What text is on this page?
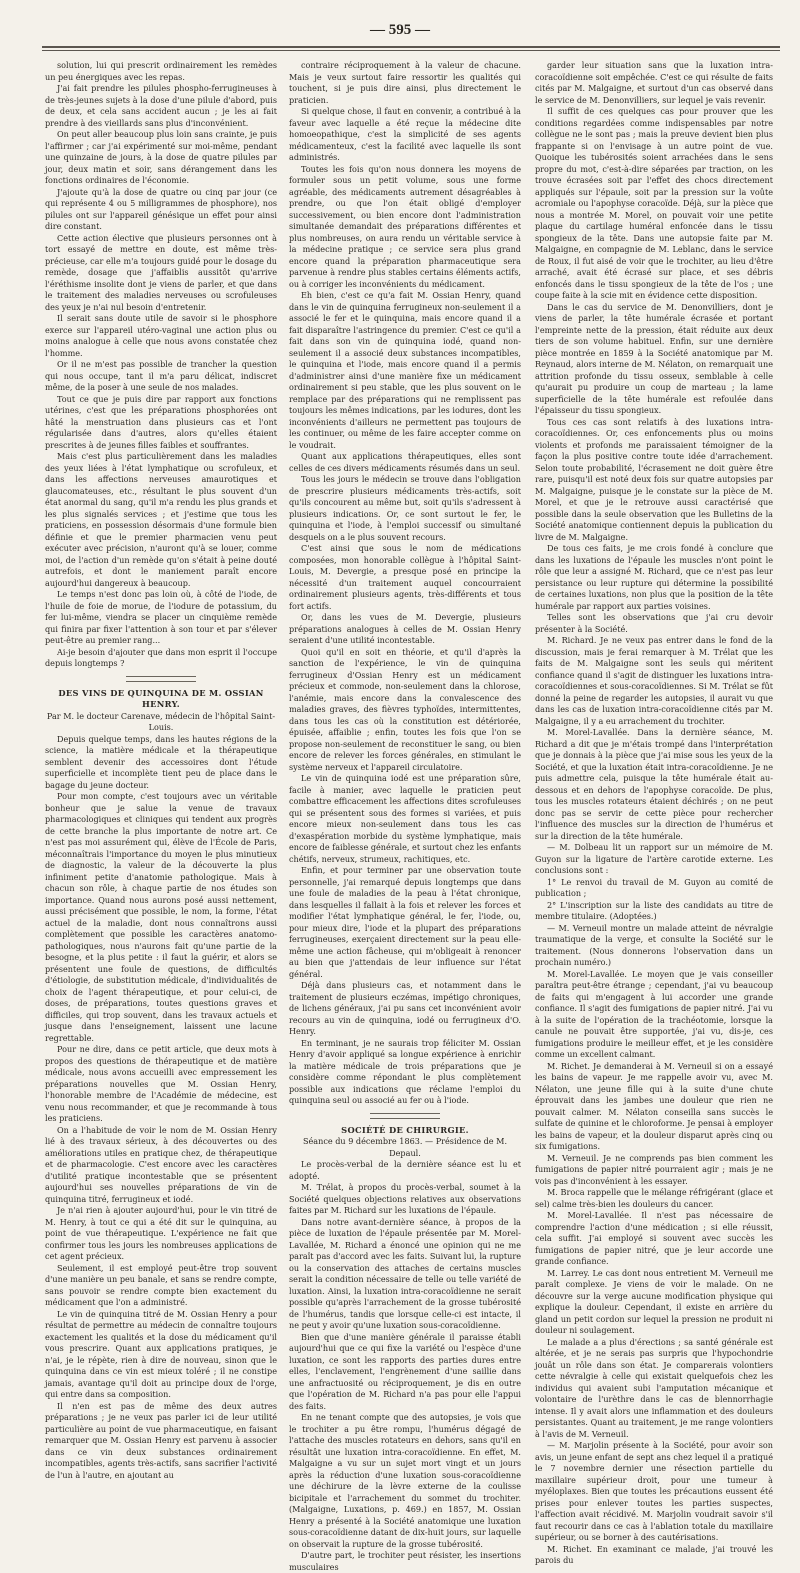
— 595 —

solution, lui qui prescrit ordinairement les remèdes un peu énergiques avec les repas.

J'ai fait prendre les pilules phospho-ferrugineuses à de très-jeunes sujets à la dose d'une pilule d'abord, puis de deux, et cela sans accident aucun ; je les ai fait prendre à des vieillards sans plus d'inconvénient.

On peut aller beaucoup plus loin sans crainte, je puis l'affirmer ; car j'ai expérimenté sur moi-même, pendant une quinzaine de jours, à la dose de quatre pilules par jour, deux matin et soir, sans dérangement dans les fonctions ordinaires de l'économie.

J'ajoute qu'à la dose de quatre ou cinq par jour (ce qui représente 4 ou 5 milligrammes de phosphore), nos pilules ont sur l'appareil génésique un effet pour ainsi dire constant.

Cette action élective que plusieurs personnes ont à tort essayé de mettre en doute, est même très-précieuse, car elle m'a toujours guidé pour le dosage du remède, dosage que j'affaiblis aussitôt qu'arrive l'éréthisme insolite dont je viens de parler, et que dans le traitement des maladies nerveuses ou scrofuleuses des yeux je n'ai nul besoin d'entretenir.

Il serait sans doute utile de savoir si le phosphore exerce sur l'appareil utéro-vaginal une action plus ou moins analogue à celle que nous avons constatée chez l'homme.

Or il ne m'est pas possible de trancher la question qui nous occupe, tant il m'a paru délicat, indiscret même, de la poser à une seule de nos malades.

Tout ce que je puis dire par rapport aux fonctions utérines, c'est que les préparations phosphorées ont hâté la menstruation dans plusieurs cas et l'ont régularisée dans d'autres, alors qu'elles étaient prescrites à de jeunes filles faibles et souffrantes.

Mais c'est plus particulièrement dans les maladies des yeux liées à l'état lymphatique ou scrofuleux, et dans les affections nerveuses amaurotiques et glaucomateuses, etc., résultant le plus souvent d'un état anormal du sang, qu'il m'a rendu les plus grands et les plus signalés services ; et j'estime que tous les praticiens, en possession désormais d'une formule bien définie et que le premier pharmacien venu peut exécuter avec précision, n'auront qu'à se louer, comme moi, de l'action d'un remède qu'on s'était à peine douté autrefois, et dont le maniement paraît encore aujourd'hui dangereux à beaucoup.

Le temps n'est donc pas loin où, à côté de l'iode, de l'huile de foie de morue, de l'iodure de potassium, du fer lui-même, viendra se placer un cinquième remède qui finira par fixer l'attention à son tour et par s'élever peut-être au premier rang...

Ai-je besoin d'ajouter que dans mon esprit il l'occupe depuis longtemps ?

DES VINS DE QUINQUINA DE M. OSSIAN HENRY.

Par M. le docteur Carenave, médecin de l'hôpital Saint-Louis.

Depuis quelque temps, dans les hautes régions de la science, la matière médicale et la thérapeutique semblent devenir des accessoires dont l'étude superficielle et incomplète tient peu de place dans le bagage du jeune docteur.

Pour mon compte, c'est toujours avec un véritable bonheur que je salue la venue de travaux pharmacologiques et cliniques qui tendent aux progrès de cette branche la plus importante de notre art. Ce n'est pas moi assurément qui, élève de l'École de Paris, méconnaîtrais l'importance du moyen le plus minutieux de diagnostic, la valeur de la découverte la plus infiniment petite d'anatomie pathologique. Mais à chacun son rôle, à chaque partie de nos études son importance. Quand nous aurons posé aussi nettement, aussi précisément que possible, le nom, la forme, l'état actuel de la maladie, dont nous connaîtrons aussi complètement que possible les caractères anatomo-pathologiques, nous n'aurons fait qu'une partie de la besogne, et la plus petite : il faut la guérir, et alors se présentent une foule de questions, de difficultés d'étiologie, de substitution médicale, d'individualités de choix de l'agent thérapeutique, et pour celui-ci, de doses, de préparations, toutes questions graves et difficiles, qui trop souvent, dans les travaux actuels et jusque dans l'enseignement, laissent une lacune regrettable.

Pour ne dire, dans ce petit article, que deux mots à propos des questions de thérapeutique et de matière médicale, nous avons accueilli avec empressement les préparations nouvelles que M. Ossian Henry, l'honorable membre de l'Académie de médecine, est venu nous recommander, et que je recommande à tous les praticiens.

On a l'habitude de voir le nom de M. Ossian Henry lié à des travaux sérieux, à des découvertes ou des améliorations utiles en pratique chez, de thérapeutique et de pharmacologie. C'est encore avec les caractères d'utilité pratique incontestable que se présentent aujourd'hui ses nouvelles préparations de vin de quinquina titré, ferrugineux et iodé.

Je n'ai rien à ajouter aujourd'hui, pour le vin titré de M. Henry, à tout ce qui a été dit sur le quinquina, au point de vue thérapeutique. L'expérience ne fait que confirmer tous les jours les nombreuses applications de cet agent précieux.

Seulement, il est employé peut-être trop souvent d'une manière un peu banale, et sans se rendre compte, sans pouvoir se rendre compte bien exactement du médicament que l'on a administré.

Le vin de quinquina titré de M. Ossian Henry a pour résultat de permettre au médecin de connaître toujours exactement les qualités et la dose du médicament qu'il vous prescrire. Quant aux applications pratiques, je n'ai, je le répète, rien à dire de nouveau, sinon que le quinquina dans ce vin est mieux toléré ; il ne constipe jamais, avantage qu'il doit au principe doux de l'orge, qui entre dans sa composition.

Il n'en est pas de même des deux autres préparations ; je ne veux pas parler ici de leur utilité particulière au point de vue pharmaceutique, en faisant remarquer que M. Ossian Henry est parvenu à associer dans ce vin deux substances ordinairement incompatibles, agents très-actifs, sans sacrifier l'activité de l'un à l'autre, en ajoutant au

contraire réciproquement à la valeur de chacune. Mais je veux surtout faire ressortir les qualités qui touchent, si je puis dire ainsi, plus directement le praticien.

Si quelque chose, il faut en convenir, a contribué à la faveur avec laquelle a été reçue la médecine dite homoeopathique, c'est la simplicité de ses agents médicamenteux, c'est la facilité avec laquelle ils sont administrés.

Toutes les fois qu'on nous donnera les moyens de formuler sous un petit volume, sous une forme agréable, des médicaments autrement désagréables à prendre, ou que l'on était obligé d'employer successivement, ou bien encore dont l'administration simultanée demandait des préparations différentes et plus nombreuses, on aura rendu un véritable service à la médecine pratique ; ce service sera plus grand encore quand la préparation pharmaceutique sera parvenue à rendre plus stables certains éléments actifs, ou à corriger les inconvénients du médicament.

Eh bien, c'est ce qu'a fait M. Ossian Henry, quand dans le vin de quinquina ferrugineux non-seulement il a associé le fer et le quinquina, mais encore quand il a fait disparaître l'astringence du premier. C'est ce qu'il a fait dans son vin de quinquina iodé, quand non-seulement il a associé deux substances incompatibles, le quinquina et l'iode, mais encore quand il a permis d'administrer ainsi d'une manière fixe un médicament ordinairement si peu stable, que les plus souvent on le remplace par des préparations qui ne remplissent pas toujours les mêmes indications, par les iodures, dont les inconvénients d'ailleurs ne permettent pas toujours de les continuer, ou même de les faire accepter comme on le voudrait.

Quant aux applications thérapeutiques, elles sont celles de ces divers médicaments résumés dans un seul.

Tous les jours le médecin se trouve dans l'obligation de prescrire plusieurs médicaments très-actifs, soit qu'ils concourent au même but, soit qu'ils s'adressent à plusieurs indications. Or, ce sont surtout le fer, le quinquina et l'iode, à l'emploi successif ou simultané desquels on a le plus souvent recours.

C'est ainsi que sous le nom de médications composées, mon honorable collègue à l'hôpital Saint-Louis, M. Devergie, a presque posé en principe la nécessité d'un traitement auquel concourraient ordinairement plusieurs agents, très-différents et tous fort actifs.

Or, dans les vues de M. Devergie, plusieurs préparations analogues à celles de M. Ossian Henry seraient d'une utilité incontestable.

Quoi qu'il en soit en théorie, et qu'il d'après la sanction de l'expérience, le vin de quinquina ferrugineux d'Ossian Henry est un médicament précieux et commode, non-seulement dans la chlorose, l'anémie, mais encore dans la convalescence des maladies graves, des fièvres typhoïdes, intermittentes, dans tous les cas où la constitution est détériorée, épuisée, affaiblie ; enfin, toutes les fois que l'on se propose non-seulement de reconstituer le sang, ou bien encore de relever les forces générales, en stimulant le système nerveux et l'appareil circulatoire.

Le vin de quinquina iodé est une préparation sûre, facile à manier, avec laquelle le praticien peut combattre efficacement les affections dites scrofuleuses qui se présentent sous des formes si variées, et puis encore mieux non-seulement dans tous les cas d'exaspération morbide du système lymphatique, mais encore de faiblesse générale, et surtout chez les enfants chétifs, nerveux, strumeux, rachitiques, etc.

Enfin, et pour terminer par une observation toute personnelle, j'ai remarqué depuis longtemps que dans une foule de maladies de la peau à l'état chronique, dans lesquelles il fallait à la fois et relever les forces et modifier l'état lymphatique général, le fer, l'iode, ou, pour mieux dire, l'iode et la plupart des préparations ferrugineuses, exerçaient directement sur la peau elle-même une action fâcheuse, qui m'obligeait à renoncer au bien que j'attendais de leur influence sur l'état général.

Déjà dans plusieurs cas, et notamment dans le traitement de plusieurs eczémas, impétigo chroniques, de lichens généraux, j'ai pu sans cet inconvénient avoir recours au vin de quinquina, iodé ou ferrugineux d'O. Henry.

En terminant, je ne saurais trop féliciter M. Ossian Henry d'avoir appliqué sa longue expérience à enrichir la matière médicale de trois préparations que je considère comme répondant le plus complètement possible aux indications que réclame l'emploi du quinquina seul ou associé au fer ou à l'iode.

SOCIÉTÉ DE CHIRURGIE.

Séance du 9 décembre 1863. — Présidence de M. Depaul.

Le procès-verbal de la dernière séance est lu et adopté.

M. Trélat, à propos du procès-verbal, soumet à la Société quelques objections relatives aux observations faites par M. Richard sur les luxations de l'épaule.

Dans notre avant-dernière séance, à propos de la pièce de luxation de l'épaule présentée par M. Morel-Lavallée, M. Richard a énoncé une opinion qui ne me paraît pas d'accord avec les faits. Suivant lui, la rupture ou la conservation des attaches de certains muscles serait la condition nécessaire de telle ou telle variété de luxation. Ainsi, la luxation intra-coracoïdienne ne serait possible qu'après l'arrachement de la grosse tubérosité de l'humérus, tandis que lorsque celle-ci est intacte, il ne peut y avoir qu'une luxation sous-coracoïdienne.

Bien que d'une manière générale il paraisse établi aujourd'hui que ce qui fixe la variété ou l'espèce d'une luxation, ce sont les rapports des parties dures entre elles, l'enclavement, l'engrènement d'une saillie dans une anfractuosité ou réciproquement, je dis en outre que l'opération de M. Richard n'a pas pour elle l'appui des faits.

En ne tenant compte que des autopsies, je vois que le trochiter a pu être rompu, l'humérus dégagé de l'attache des muscles rotateurs en dehors, sans qu'il en résultât une luxation intra-coracoïdienne. En effet, M. Malgaigne a vu sur un sujet mort vingt et un jours après la réduction d'une luxation sous-coracoïdienne une déchirure de la lèvre externe de la coulisse bicipitale et l'arrachement du sommet du trochiter. (Malgaigne, Luxations, p. 469.) en 1857, M. Ossian Henry a présenté à la Société anatomique une luxation sous-coracoïdienne datant de dix-huit jours, sur laquelle on observait la rupture de la grosse tubérosité.

D'autre part, le trochiter peut résister, les insertions musculaires

garder leur situation sans que la luxation intra-coracoïdienne soit empêchée. C'est ce qui résulte de faits cités par M. Malgaigne, et surtout d'un cas observé dans le service de M. Denonvilliers, sur lequel je vais revenir.

Il suffit de ces quelques cas pour prouver que les conditions regardées comme indispensables par notre collègue ne le sont pas ; mais la preuve devient bien plus frappante si on l'envisage à un autre point de vue. Quoique les tubérosités soient arrachées dans le sens propre du mot, c'est-à-dire séparées par traction, on les trouve écrasées soit par l'effet des chocs directement appliqués sur l'épaule, soit par la pression sur la voûte acromiale ou l'apophyse coracoïde. Déjà, sur la pièce que nous a montrée M. Morel, on pouvait voir une petite plaque du cartilage huméral enfoncée dans le tissu spongieux de la tête. Dans une autopsie faite par M. Malgaigne, en compagnie de M. Leblanc, dans le service de Roux, il fut aisé de voir que le trochiter, au lieu d'être arraché, avait été écrasé sur place, et ses débris enfoncés dans le tissu spongieux de la tête de l'os ; une coupe faite à la scie mit en évidence cette disposition.

Dans le cas du service de M. Denonvilliers, dont je viens de parler, la tête humérale écrasée et portant l'empreinte nette de la pression, était réduite aux deux tiers de son volume habituel. Enfin, sur une dernière pièce montrée en 1859 à la Société anatomique par M. Reynaud, alors interne de M. Nélaton, on remarquait une attrition profonde du tissu osseux, semblable à celle qu'aurait pu produire un coup de marteau ; la lame superficielle de la tête humérale est refoulée dans l'épaisseur du tissu spongieux.

Tous ces cas sont relatifs à des luxations intra-coracoïdiennes. Or, ces enfoncements plus ou moins violents et profonds me paraissaient témoigner de la façon la plus positive contre toute idée d'arrachement. Selon toute probabilité, l'écrasement ne doit guère être rare, puisqu'il est noté deux fois sur quatre autopsies par M. Malgaigne, puisque je le constate sur la pièce de M. Morel, et que je le retrouve aussi caractérisé que possible dans la seule observation que les Bulletins de la Société anatomique contiennent depuis la publication du livre de M. Malgaigne.

De tous ces faits, je me crois fondé à conclure que dans les luxations de l'épaule les muscles n'ont point le rôle que leur a assigné M. Richard, que ce n'est pas leur persistance ou leur rupture qui détermine la possibilité de certaines luxations, non plus que la position de la tête humérale par rapport aux parties voisines.

Telles sont les observations que j'ai cru devoir présenter à la Société.

M. Richard. Je ne veux pas entrer dans le fond de la discussion, mais je ferai remarquer à M. Trélat que les faits de M. Malgaigne sont les seuls qui méritent confiance quand il s'agit de distinguer les luxations intra-coracoïdiennes et sous-coracoïdiennes. Si M. Trélat se fût donné la peine de regarder les autopsies, il aurait vu que dans les cas de luxation intra-coracoïdienne cités par M. Malgaigne, il y a eu arrachement du trochiter.

M. Morel-Lavallée. Dans la dernière séance, M. Richard a dit que je m'étais trompé dans l'interprétation que je donnais à la pièce que j'ai mise sous les yeux de la Société, et que la luxation était intra-coracoïdienne. Je ne puis admettre cela, puisque la tête humérale était au-dessous et en dehors de l'apophyse coracoïde. De plus, tous les muscles rotateurs étaient déchirés ; on ne peut donc pas se servir de cette pièce pour rechercher l'influence des muscles sur la direction de l'humérus et sur la direction de la tête humérale.

— M. Dolbeau lit un rapport sur un mémoire de M. Guyon sur la ligature de l'artère carotide externe. Les conclusions sont :

1° Le renvoi du travail de M. Guyon au comité de publication ;

2° L'inscription sur la liste des candidats au titre de membre titulaire. (Adoptées.)

— M. Verneuil montre un malade atteint de névralgie traumatique de la verge, et consulte la Société sur le traitement. (Nous donnerons l'observation dans un prochain numéro.)

M. Morel-Lavallée. Le moyen que je vais conseiller paraîtra peut-être étrange ; cependant, j'ai vu beaucoup de faits qui m'engagent à lui accorder une grande confiance. Il s'agit des fumigations de papier nitré. J'ai vu à la suite de l'opération de la trachéotomie, lorsque la canule ne pouvait être supportée, j'ai vu, dis-je, ces fumigations produire le meilleur effet, et je les considère comme un excellent calmant.

M. Richet. Je demanderai à M. Verneuil si on a essayé les bains de vapeur. Je me rappelle avoir vu, avec M. Nélaton, une jeune fille qui à la suite d'une chute éprouvait dans les jambes une douleur que rien ne pouvait calmer. M. Nélaton conseilla sans succès le sulfate de quinine et le chloroforme. Je pensai à employer les bains de vapeur, et la douleur disparut après cinq ou six fumigations.

M. Verneuil. Je ne comprends pas bien comment les fumigations de papier nitré pourraient agir ; mais je ne vois pas d'inconvénient à les essayer.

M. Broca rappelle que le mélange réfrigérant (glace et sel) calme très-bien les douleurs du cancer.

M. Morel-Lavallée. Il n'est pas nécessaire de comprendre l'action d'une médication ; si elle réussit, cela suffit. J'ai employé si souvent avec succès les fumigations de papier nitré, que je leur accorde une grande confiance.

M. Larrey. Le cas dont nous entretient M. Verneuil me paraît complexe. Je viens de voir le malade. On ne découvre sur la verge aucune modification physique qui explique la douleur. Cependant, il existe en arrière du gland un petit cordon sur lequel la pression ne produit ni douleur ni soulagement.

Le malade a a plus d'érections ; sa santé générale est altérée, et je ne serais pas surpris que l'hypochondrie jouât un rôle dans son état. Je comparerais volontiers cette névralgie à celle qui existait quelquefois chez les individus qui avaient subi l'amputation mécanique et volontaire de l'urèthre dans le cas de blennorrhagie intense. Il y avait alors une inflammation et des douleurs persistantes. Quant au traitement, je me range volontiers à l'avis de M. Verneuil.

— M. Marjolin présente à la Société, pour avoir son avis, un jeune enfant de sept ans chez lequel il a pratiqué le 7 novembre dernier une résection partielle du maxillaire supérieur droit, pour une tumeur à myéloplaxes. Bien que toutes les précautions eussent été prises pour enlever toutes les parties suspectes, l'affection avait récidivé. M. Marjolin voudrait savoir s'il faut recourir dans ce cas à l'ablation totale du maxillaire supérieur, ou se borner à des cautérisations.

M. Richet. En examinant ce malade, j'ai trouvé les parois du
